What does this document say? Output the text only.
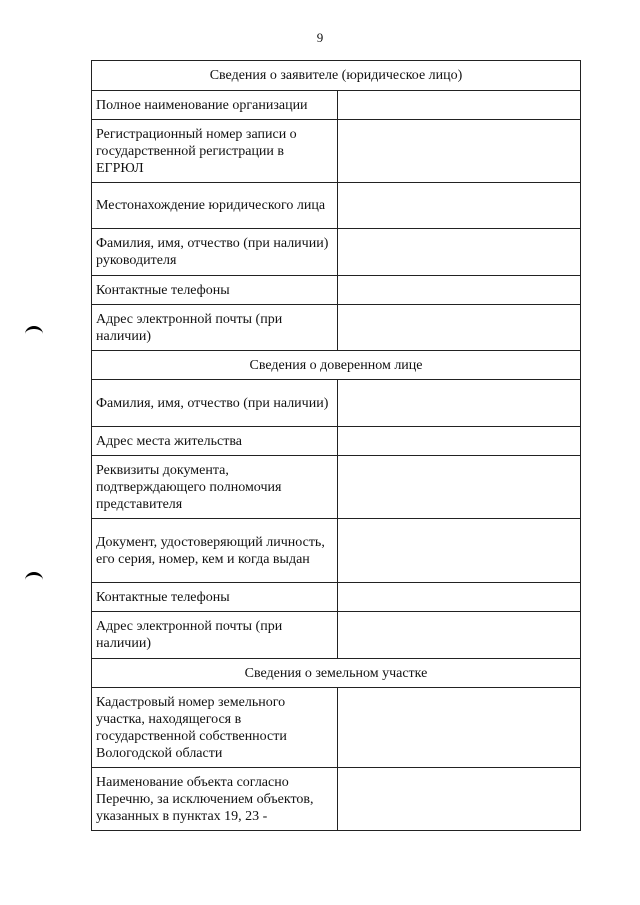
9
Сведения о заявителе (юридическое лицо)	
Полное наименование организации	
Регистрационный номер записи о государственной регистрации в ЕГРЮЛ	
Местонахождение юридического лица	
Фамилия, имя, отчество (при наличии) руководителя	
Контактные телефоны	
Адрес электронной почты (при наличии)	
Сведения о доверенном лице	
Фамилия, имя, отчество (при наличии)	
Адрес места жительства	
Реквизиты документа, подтверждающего полномочия представителя	
Документ, удостоверяющий личность, его серия, номер, кем и когда выдан	
Контактные телефоны	
Адрес электронной почты (при наличии)	
Сведения о земельном участке	
Кадастровый номер земельного участка, находящегося в государственной собственности Вологодской области	
Наименование объекта согласно Перечню, за исключением объектов, указанных в пунктах 19, 23 -	
